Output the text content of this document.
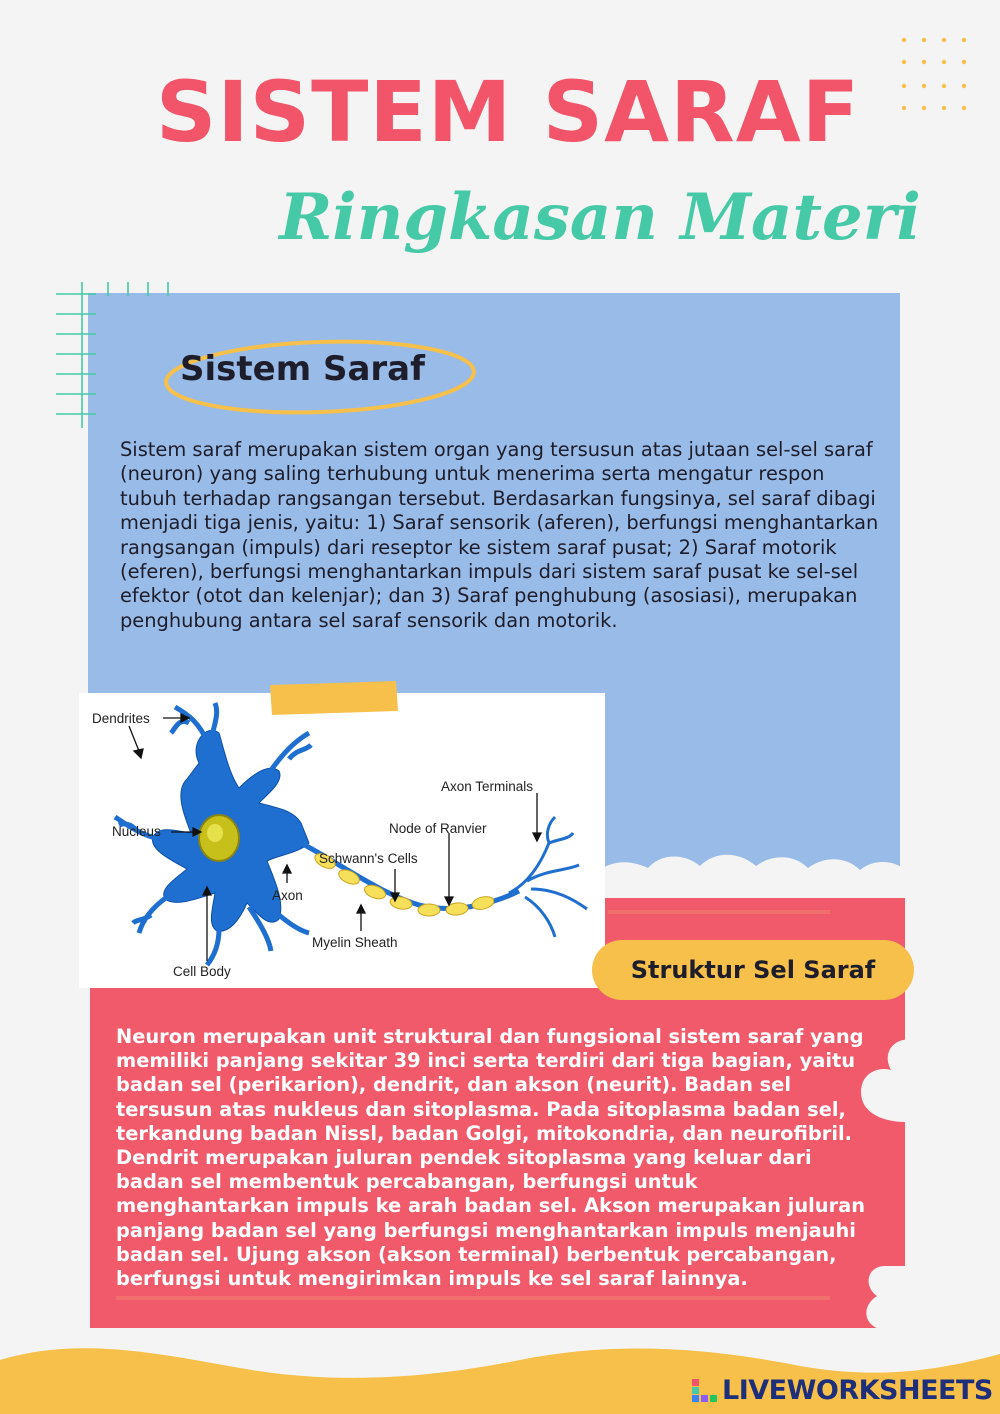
SISTEM SARAF
Ringkasan Materi
Sistem Saraf

Sistem saraf merupakan sistem organ yang tersusun atas jutaan sel-sel saraf (neuron) yang saling terhubung untuk menerima serta mengatur respon tubuh terhadap rangsangan tersebut. Berdasarkan fungsinya, sel saraf dibagi menjadi tiga jenis, yaitu: 1) Saraf sensorik (aferen), berfungsi menghantarkan rangsangan (impuls) dari reseptor ke sistem saraf pusat; 2) Saraf motorik (eferen), berfungsi menghantarkan impuls dari sistem saraf pusat ke sel-sel efektor (otot dan kelenjar); dan 3) Saraf penghubung (asosiasi), merupakan penghubung antara sel saraf sensorik dan motorik.

Dendrites
Nucleus
Axon
Cell Body
Schwann's Cells
Node of Ranvier
Myelin Sheath
Axon Terminals
Struktur Sel Saraf

Neuron merupakan unit struktural dan fungsional sistem saraf yang memiliki panjang sekitar 39 inci serta terdiri dari tiga bagian, yaitu badan sel (perikarion), dendrit, dan akson (neurit). Badan sel tersusun atas nukleus dan sitoplasma. Pada sitoplasma badan sel, terkandung badan Nissl, badan Golgi, mitokondria, dan neurofibril. Dendrit merupakan juluran pendek sitoplasma yang keluar dari badan sel membentuk percabangan, berfungsi untuk menghantarkan impuls ke arah badan sel. Akson merupakan juluran panjang badan sel yang berfungsi menghantarkan impuls menjauhi badan sel. Ujung akson (akson terminal) berbentuk percabangan, berfungsi untuk mengirimkan impuls ke sel saraf lainnya.

LIVEWORKSHEETS
